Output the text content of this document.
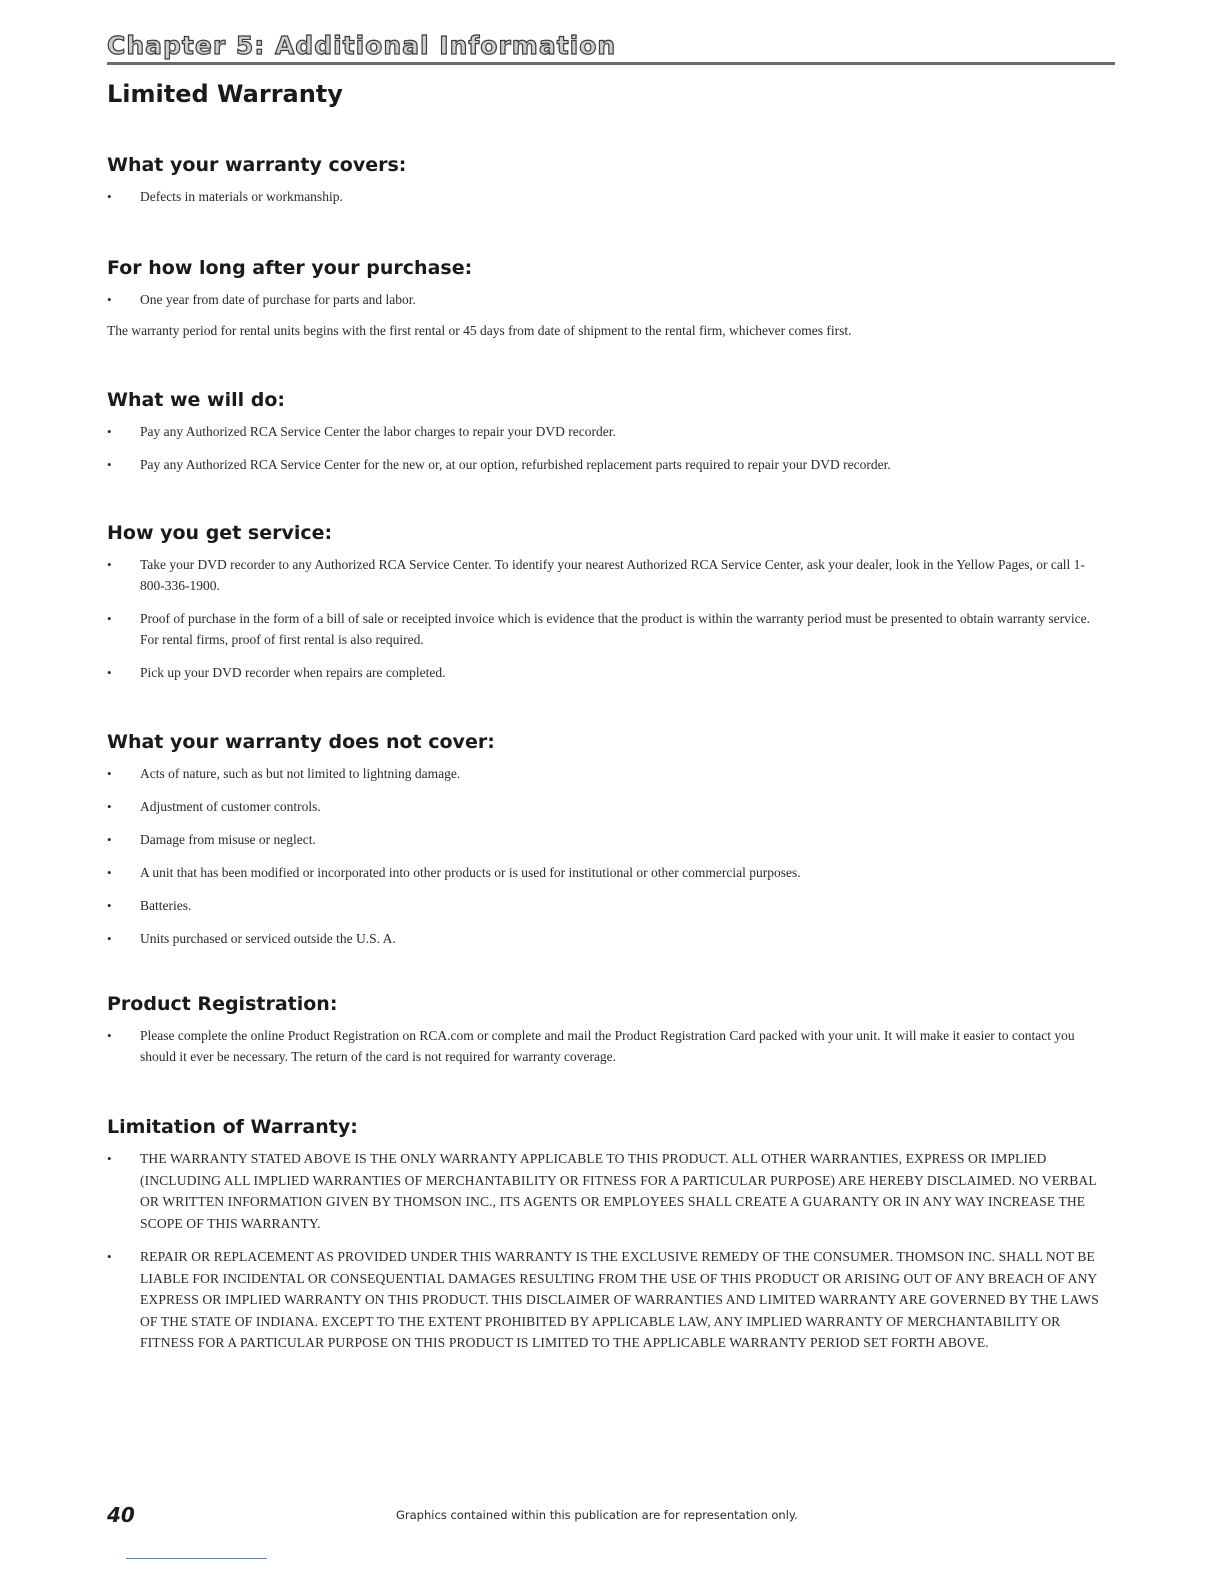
Chapter 5: Additional Information
Limited Warranty
What your warranty covers:
•	Defects in materials or workmanship.
For how long after your purchase:
•	One year from date of purchase for parts and labor.

The warranty period for rental units begins with the first rental or 45 days from date of shipment to the rental firm, whichever comes first.

What we will do:
•	Pay any Authorized RCA Service Center the labor charges to repair your DVD recorder.
•	Pay any Authorized RCA Service Center for the new or, at our option, refurbished replacement parts required to repair your DVD recorder.
How you get service:
•	Take your DVD recorder to any Authorized RCA Service Center. To identify your nearest Authorized RCA Service Center, ask your dealer, look in the Yellow Pages, or call 1-800-336-1900.
•	Proof of purchase in the form of a bill of sale or receipted invoice which is evidence that the product is within the warranty period must be presented to obtain warranty service. For rental firms, proof of first rental is also required.
•	Pick up your DVD recorder when repairs are completed.
What your warranty does not cover:
•	Acts of nature, such as but not limited to lightning damage.
•	Adjustment of customer controls.
•	Damage from misuse or neglect.
•	A unit that has been modified or incorporated into other products or is used for institutional or other commercial purposes.
•	Batteries.
•	Units purchased or serviced outside the U.S. A.
Product Registration:
•	Please complete the online Product Registration on RCA.com or complete and mail the Product Registration Card packed with your unit. It will make it easier to contact you should it ever be necessary. The return of the card is not required for warranty coverage.
Limitation of Warranty:
•	THE WARRANTY STATED ABOVE IS THE ONLY WARRANTY APPLICABLE TO THIS PRODUCT. ALL OTHER WARRANTIES, EXPRESS OR IMPLIED (INCLUDING ALL IMPLIED WARRANTIES OF MERCHANTABILITY OR FITNESS FOR A PARTICULAR PURPOSE) ARE HEREBY DISCLAIMED. NO VERBAL OR WRITTEN INFORMATION GIVEN BY THOMSON INC., ITS AGENTS OR EMPLOYEES SHALL CREATE A GUARANTY OR IN ANY WAY INCREASE THE SCOPE OF THIS WARRANTY.
•	REPAIR OR REPLACEMENT AS PROVIDED UNDER THIS WARRANTY IS THE EXCLUSIVE REMEDY OF THE CONSUMER. THOMSON INC. SHALL NOT BE LIABLE FOR INCIDENTAL OR CONSEQUENTIAL DAMAGES RESULTING FROM THE USE OF THIS PRODUCT OR ARISING OUT OF ANY BREACH OF ANY EXPRESS OR IMPLIED WARRANTY ON THIS PRODUCT. THIS DISCLAIMER OF WARRANTIES AND LIMITED WARRANTY ARE GOVERNED BY THE LAWS OF THE STATE OF INDIANA. EXCEPT TO THE EXTENT PROHIBITED BY APPLICABLE LAW, ANY IMPLIED WARRANTY OF MERCHANTABILITY OR FITNESS FOR A PARTICULAR PURPOSE ON THIS PRODUCT IS LIMITED TO THE APPLICABLE WARRANTY PERIOD SET FORTH ABOVE.
40	Graphics contained within this publication are for representation only.
